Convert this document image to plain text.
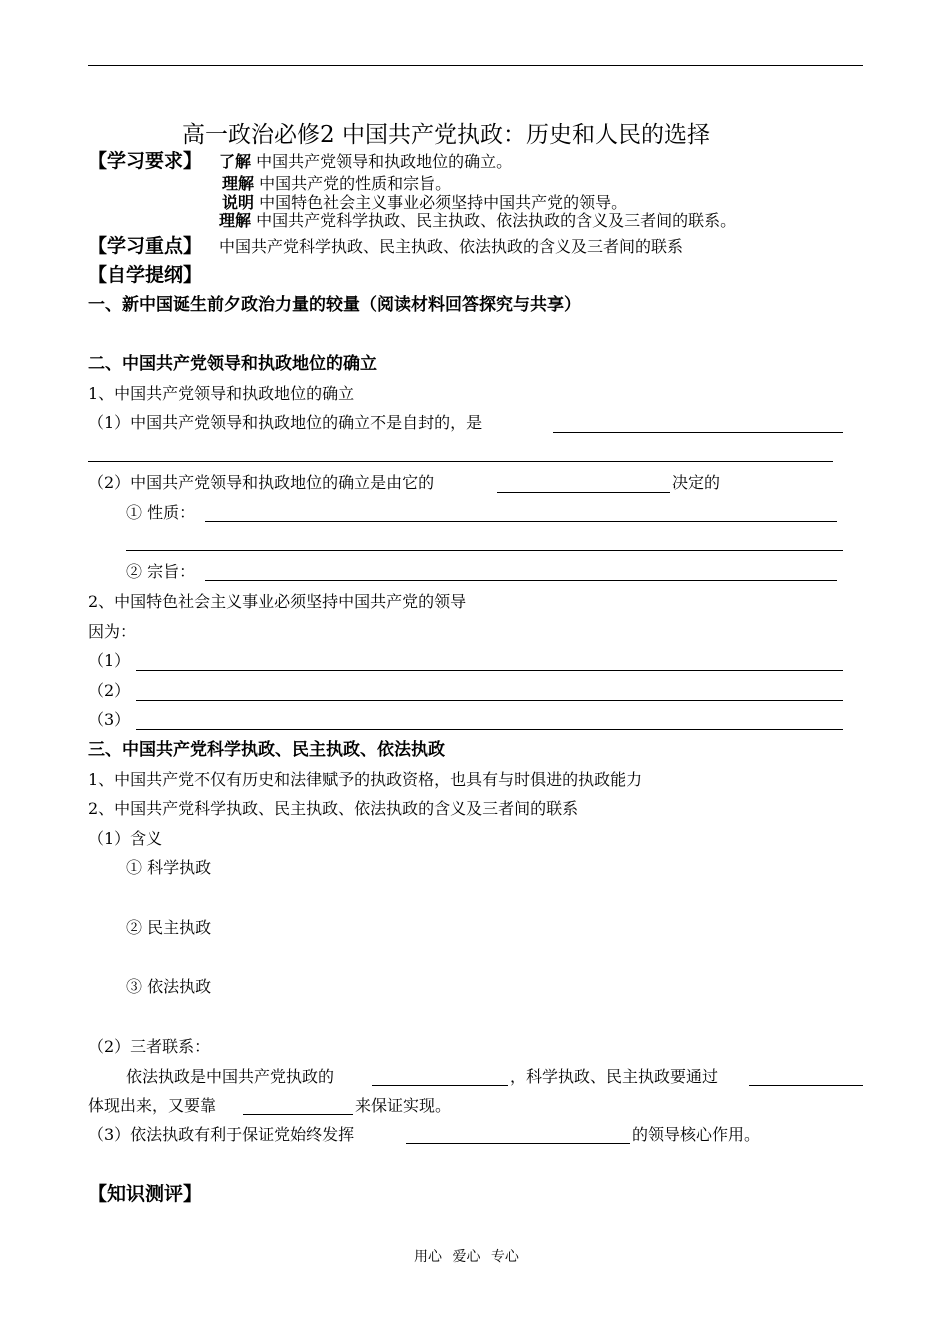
高一政治必修2 中国共产党执政：历史和人民的选择
【学习要求】 了解 中国共产党领导和执政地位的确立。
理解 中国共产党的性质和宗旨。
说明 中国特色社会主义事业必须坚持中国共产党的领导。
理解 中国共产党科学执政、民主执政、依法执政的含义及三者间的联系。
【学习重点】 中国共产党科学执政、民主执政、依法执政的含义及三者间的联系
【自学提纲】
一、新中国诞生前夕政治力量的较量（阅读材料回答探究与共享）
二、中国共产党领导和执政地位的确立
1、中国共产党领导和执政地位的确立
（1）中国共产党领导和执政地位的确立不是自封的，是
（2）中国共产党领导和执政地位的确立是由它的	决定的
① 性质：
② 宗旨：
2、中国特色社会主义事业必须坚持中国共产党的领导
因为：
（1）
（2）
（3）
三、中国共产党科学执政、民主执政、依法执政
1、中国共产党不仅有历史和法律赋予的执政资格，也具有与时俱进的执政能力
2、中国共产党科学执政、民主执政、依法执政的含义及三者间的联系
（1）含义
① 科学执政
② 民主执政
③ 依法执政
（2）三者联系：
依法执政是中国共产党执政的	，科学执政、民主执政要通过
体现出来，又要靠	来保证实现。
（3）依法执政有利于保证党始终发挥	的领导核心作用。
【知识测评】
用心 爱心 专心
